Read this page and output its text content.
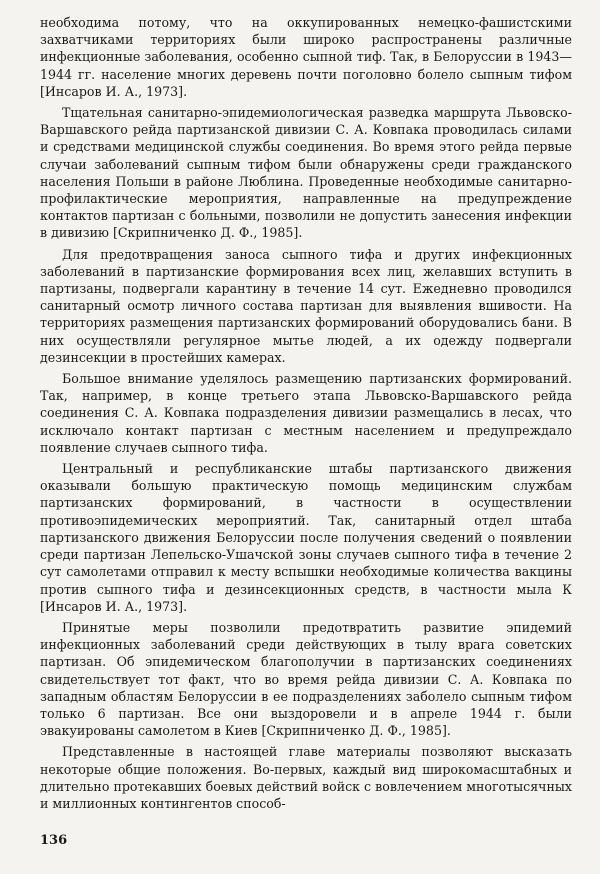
необходима потому, что на оккупированных немецко-фашистскими захватчиками территориях были широко распространены различные инфекционные заболевания, особенно сыпной тиф. Так, в Белоруссии в 1943—1944 гг. население многих деревень почти поголовно болело сыпным тифом [Инсаров И. А., 1973].

Тщательная санитарно-эпидемиологическая разведка маршрута Львовско-Варшавского рейда партизанской дивизии С. А. Ковпака проводилась силами и средствами медицинской службы соединения. Во время этого рейда первые случаи заболеваний сыпным тифом были обнаружены среди гражданского населения Польши в районе Люблина. Проведенные необходимые санитарно-профилактические мероприятия, направленные на предупреждение контактов партизан с больными, позволили не допустить занесения инфекции в дивизию [Скрипниченко Д. Ф., 1985].

Для предотвращения заноса сыпного тифа и других инфекционных заболеваний в партизанские формирования всех лиц, желавших вступить в партизаны, подвергали карантину в течение 14 сут. Ежедневно проводился санитарный осмотр личного состава партизан для выявления вшивости. На территориях размещения партизанских формирований оборудовались бани. В них осуществляли регулярное мытье людей, а их одежду подвергали дезинсекции в простейших камерах.

Большое внимание уделялось размещению партизанских формирований. Так, например, в конце третьего этапа Львовско-Варшавского рейда соединения С. А. Ковпака подразделения дивизии размещались в лесах, что исключало контакт партизан с местным населением и предупреждало появление случаев сыпного тифа.

Центральный и республиканские штабы партизанского движения оказывали большую практическую помощь медицинским службам партизанских формирований, в частности в осуществлении противоэпидемических мероприятий. Так, санитарный отдел штаба партизанского движения Белоруссии после получения сведений о появлении среди партизан Лепельско-Ушачской зоны случаев сыпного тифа в течение 2 сут самолетами отправил к месту вспышки необходимые количества вакцины против сыпного тифа и дезинсекционных средств, в частности мыла К [Инсаров И. А., 1973].

Принятые меры позволили предотвратить развитие эпидемий инфекционных заболеваний среди действующих в тылу врага советских партизан. Об эпидемическом благополучии в партизанских соединениях свидетельствует тот факт, что во время рейда дивизии С. А. Ковпака по западным областям Белоруссии в ее подразделениях заболело сыпным тифом только 6 партизан. Все они выздоровели и в апреле 1944 г. были эвакуированы самолетом в Киев [Скрипниченко Д. Ф., 1985].

Представленные в настоящей главе материалы позволяют высказать некоторые общие положения. Во-первых, каждый вид широкомасштабных и длительно протекавших боевых действий войск с вовлечением многотысячных и миллионных контингентов способ-

136
